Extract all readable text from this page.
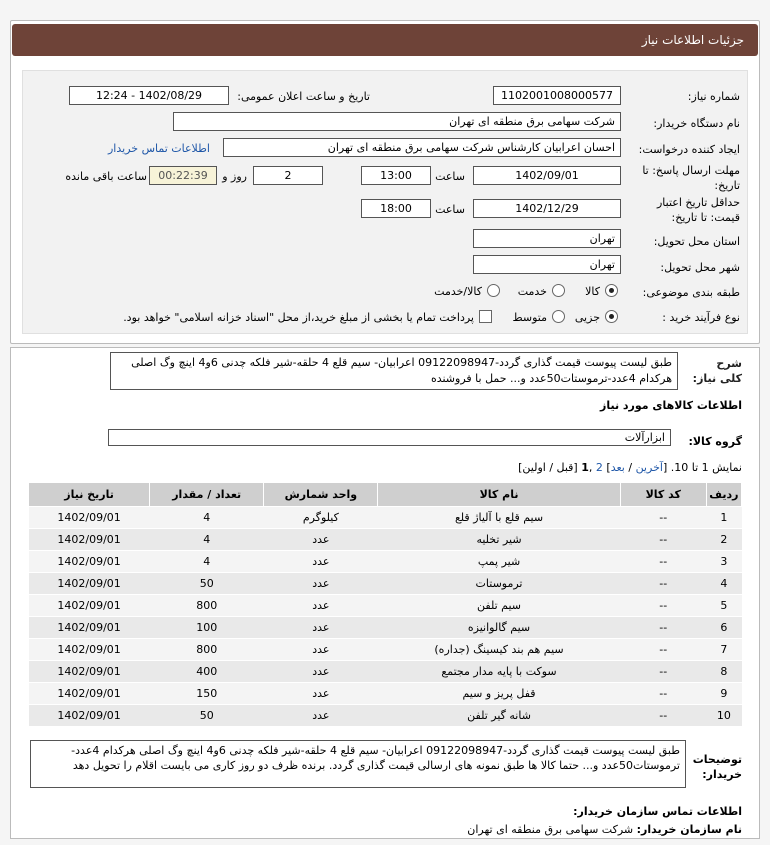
جزئیات اطلاعات نیاز
شماره نیاز:
1102001008000577
تاریخ و ساعت اعلان عمومی:
1402/08/29 - 12:24
نام دستگاه خریدار:
شرکت سهامی برق منطقه ای تهران
ایجاد کننده درخواست:
احسان اعرابیان کارشناس شرکت سهامی برق منطقه ای تهران
اطلاعات تماس خریدار
مهلت ارسال پاسخ: تا تاریخ:
1402/09/01
ساعت
13:00
2
روز و
00:22:39
ساعت باقی مانده
حداقل تاریخ اعتبار قیمت: تا تاریخ:
1402/12/29
ساعت
18:00
استان محل تحویل:
تهران
شهر محل تحویل:
تهران
طبقه بندی موضوعی:
کالا
خدمت
کالا/خدمت
نوع فرآیند خرید :
جزیی
متوسط
پرداخت تمام یا بخشی از مبلغ خرید،از محل "اسناد خزانه اسلامی" خواهد بود.
شرح کلی نیاز:
طبق لیست پیوست قیمت گذاری گردد-09122098947 اعرابیان- سیم قلع 4 حلقه-شیر فلکه چدنی 6و4 اینچ وگ اصلی هرکدام 4عدد-ترموستات50عدد و... حمل با فروشنده
اطلاعات کالاهای مورد نیاز
گروه کالا:
ابزارآلات
نمایش 1 تا 10. [آخرین / بعد] 2 ,1 [قبل / اولین]
ردیف	کد کالا	نام کالا	واحد شمارش	تعداد / مقدار	تاریخ نیاز
1	--	سیم قلع با آلیاژ قلع	کیلوگرم	4	1402/09/01
2	--	شیر تخلیه	عدد	4	1402/09/01
3	--	شیر پمپ	عدد	4	1402/09/01
4	--	ترموستات	عدد	50	1402/09/01
5	--	سیم تلفن	عدد	800	1402/09/01
6	--	سیم گالوانیزه	عدد	100	1402/09/01
7	--	سیم هم بند کیسینگ (جداره)	عدد	800	1402/09/01
8	--	سوکت با پایه مدار مجتمع	عدد	400	1402/09/01
9	--	قفل پریز و سیم	عدد	150	1402/09/01
10	--	شانه گیر تلفن	عدد	50	1402/09/01
توضیحات خریدار:
طبق لیست پیوست قیمت گذاری گردد-09122098947 اعرابیان- سیم قلع 4 حلقه-شیر فلکه چدنی 6و4 اینچ وگ اصلی هرکدام 4عدد-ترموستات50عدد و... حتما کالا ها طبق نمونه های ارسالی قیمت گذاری گردد. برنده ظرف دو روز کاری می بایست اقلام را تحویل دهد
اطلاعات تماس سازمان خریدار:
نام سازمان خریدار: شرکت سهامی برق منطقه ای تهران
